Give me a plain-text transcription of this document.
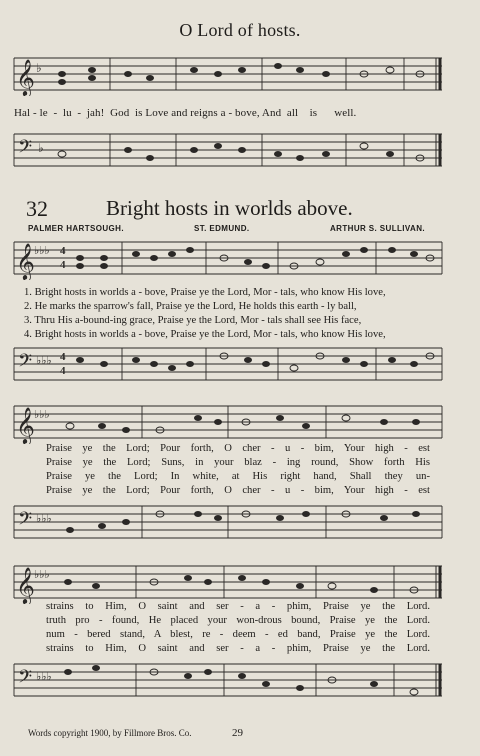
O Lord of hosts.
𝄞 ♭
Hal - le  -  lu  -  jah!  God  is Love and reigns a - bove, And  all    is      well.
𝄢 ♭
32	Bright hosts in worlds above.
PALMER HARTSOUGH.	ST. EDMUND.	ARTHUR S. SULLIVAN.
𝄞 ♭♭♭ 4
4
1. Bright hosts in worlds a - bove, Praise ye the Lord, Mor - tals, who know His love,
2. He marks the sparrow's fall, Praise ye the Lord, He holds this earth - ly ball,
3. Thru His a-bound-ing grace, Praise ye the Lord, Mor - tals shall see His face,
4. Bright hosts in worlds a - bove, Praise ye the Lord, Mor - tals, who know His love,
𝄢 ♭♭♭ 4
4
𝄞 ♭♭♭
Praise ye the Lord; Pour forth, O cher - u - bim, Your high - est
Praise ye the Lord; Suns, in your blaz - ing round, Show forth His
Praise ye the Lord; In white, at His right hand, Shall they un-
Praise ye the Lord; Pour forth, O cher - u - bim, Your high - est
𝄢 ♭♭♭
𝄞 ♭♭♭
strains to Him, O saint and ser - a - phim, Praise ye the Lord.
truth pro - found, He placed your won-drous bound, Praise ye the Lord.
num - bered stand, A blest, re - deem - ed band, Praise ye the Lord.
strains to Him, O saint and ser - a - phim, Praise ye the Lord.
𝄢 ♭♭♭
Words copyright 1900, by Fillmore Bros. Co.	29
